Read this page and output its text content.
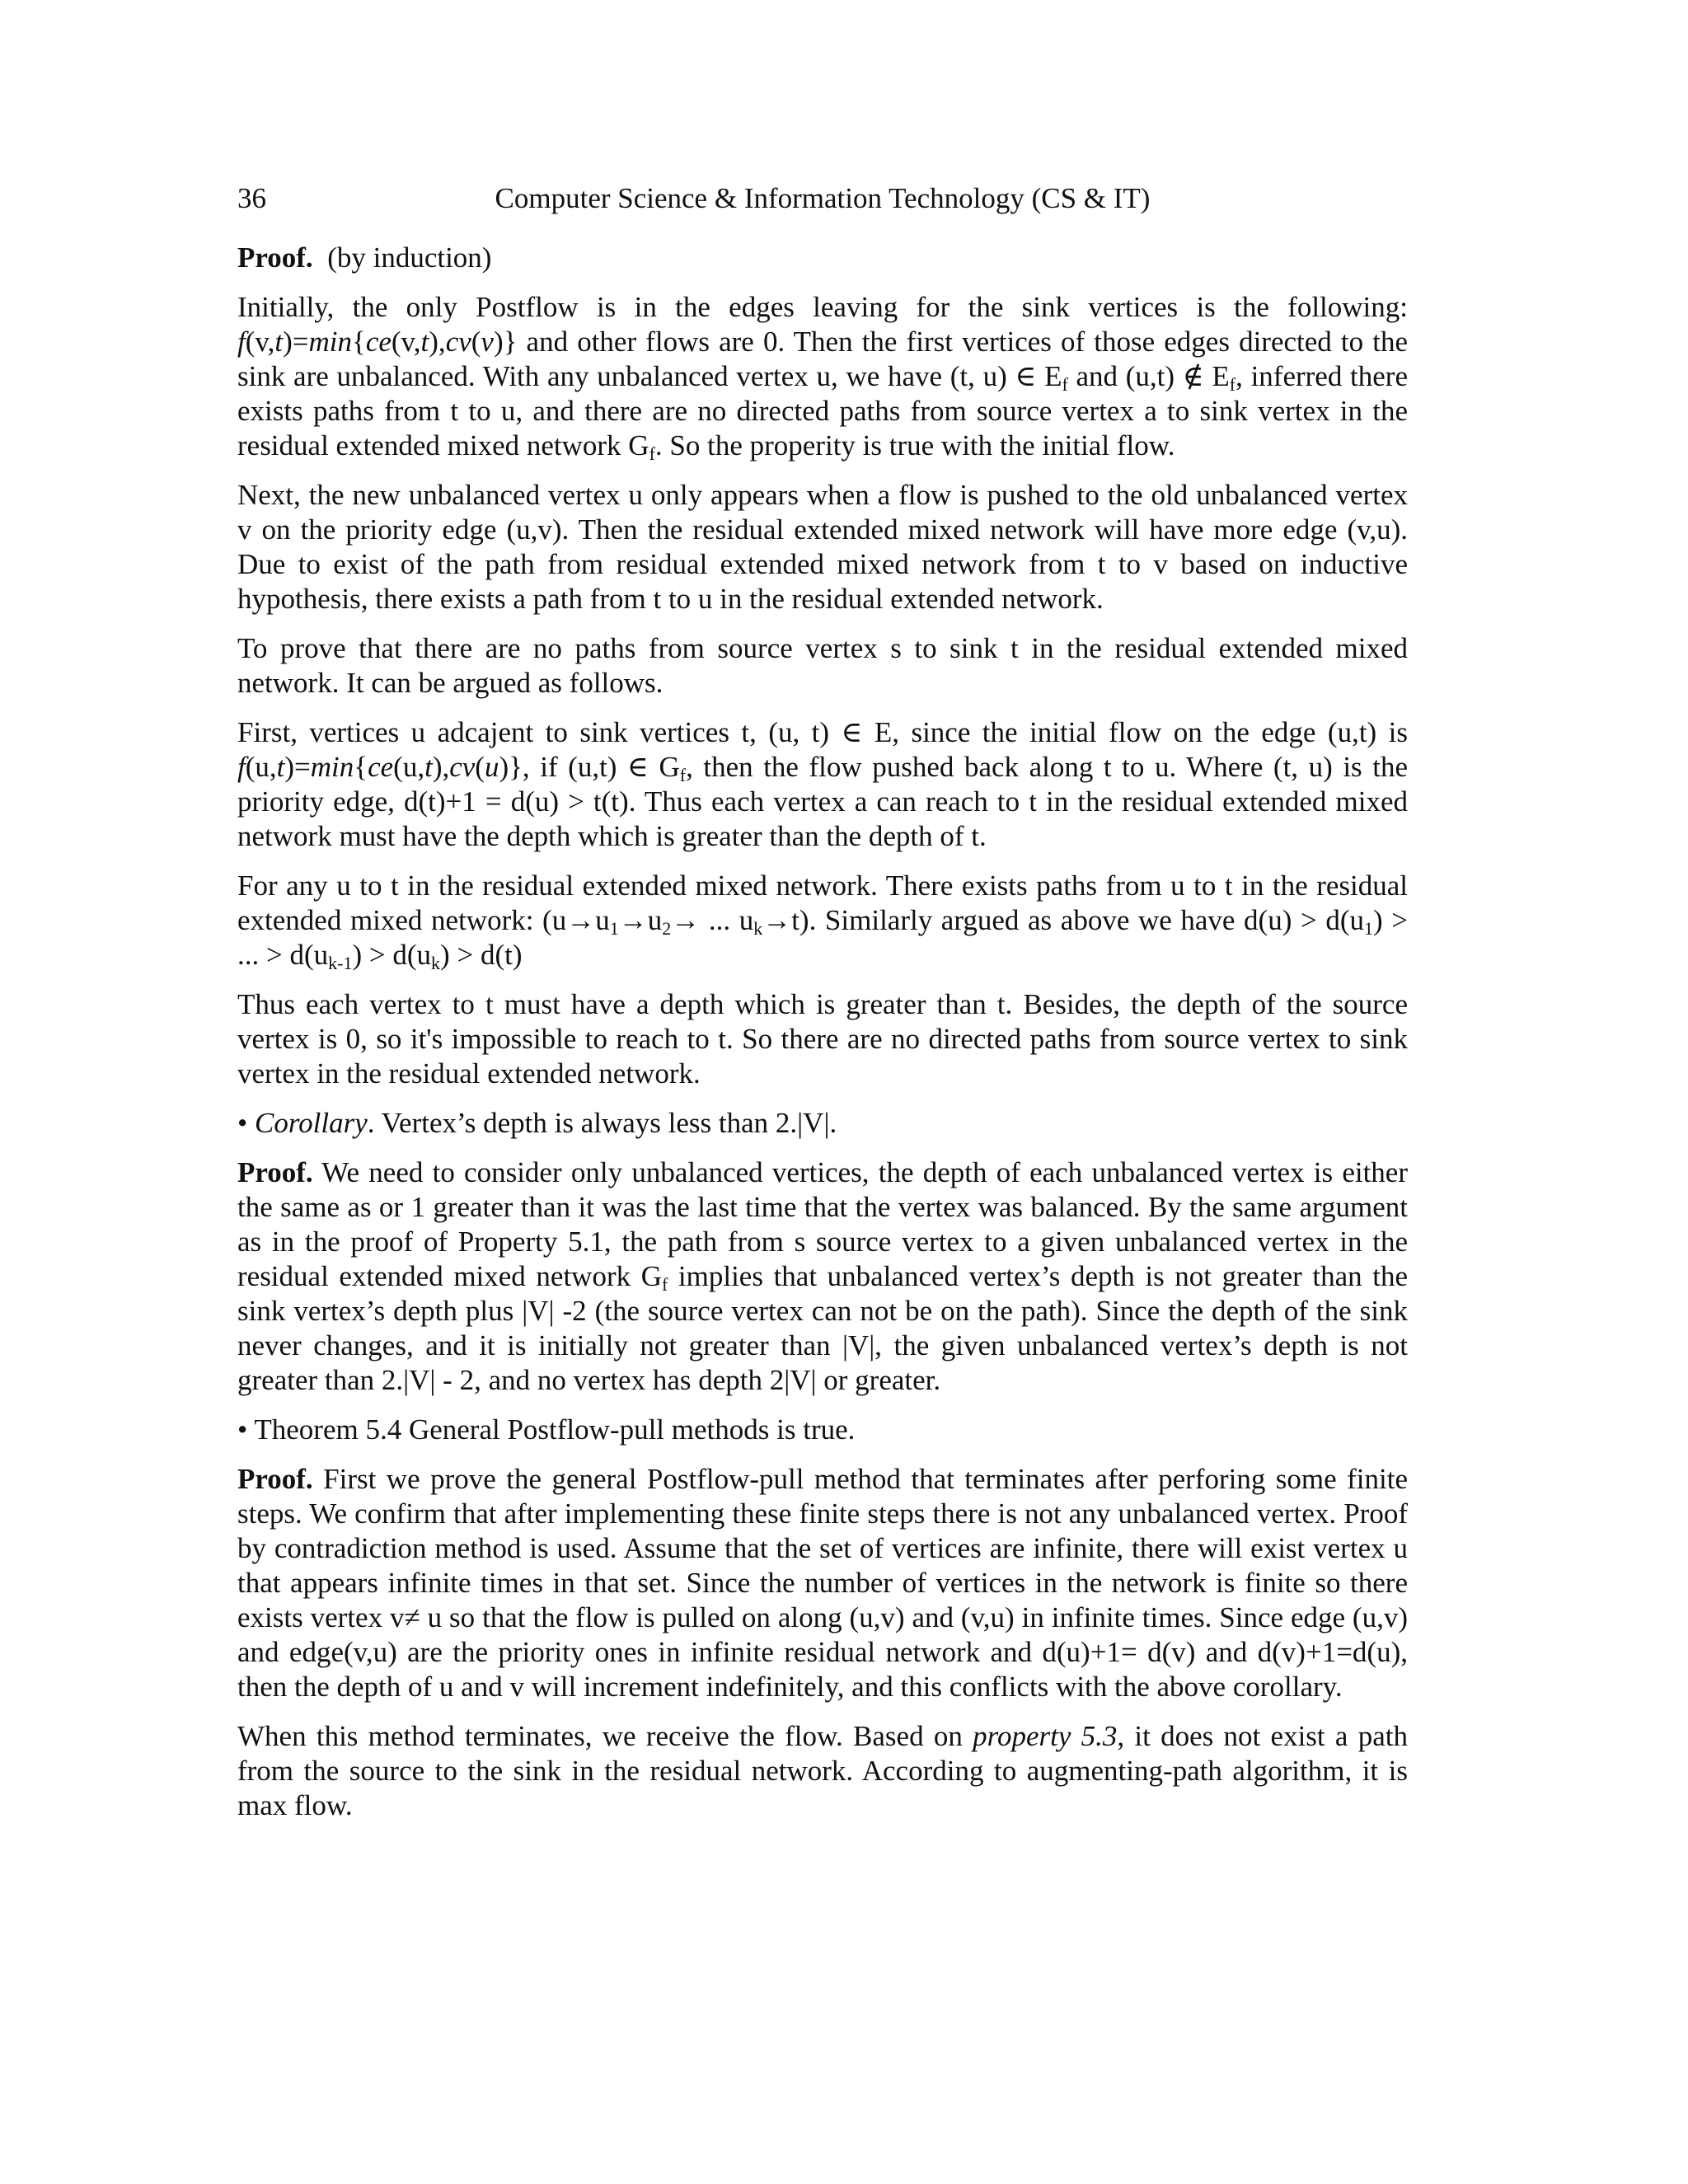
36	Computer Science & Information Technology (CS & IT)

Proof. (by induction)

Initially, the only Postflow is in the edges leaving for the sink vertices is the following: f(v,t)=min{ce(v,t),cv(v)} and other flows are 0. Then the first vertices of those edges directed to the sink are unbalanced. With any unbalanced vertex u, we have (t, u) ∈ $E_f$ and (u,t) ∉ $E_f$, inferred there exists paths from t to u, and there are no directed paths from source vertex a to sink vertex in the residual extended mixed network $G_f$. So the properity is true with the initial flow.

Next, the new unbalanced vertex u only appears when a flow is pushed to the old unbalanced vertex v on the priority edge (u,v). Then the residual extended mixed network will have more edge (v,u). Due to exist of the path from residual extended mixed network from t to v based on inductive hypothesis, there exists a path from t to u in the residual extended network.

To prove that there are no paths from source vertex s to sink t in the residual extended mixed network. It can be argued as follows.

First, vertices u adcajent to sink vertices t, (u, t) ∈ E, since the initial flow on the edge (u,t) is f(u,t)=min{ce(u,t),cv(u)}, if (u,t) ∈ $G_f$, then the flow pushed back along t to u. Where (t, u) is the priority edge, d(t)+1 = d(u) > t(t). Thus each vertex a can reach to t in the residual extended mixed network must have the depth which is greater than the depth of t.

For any u to t in the residual extended mixed network. There exists paths from u to t in the residual extended mixed network: ($u\to u_1\to u_2\to$ ... $u_k\to t$). Similarly argued as above we have $d(u) > d(u_1)$ > ... > $d(u_{k-1}) > d(u_k) > d(t)$

Thus each vertex to t must have a depth which is greater than t. Besides, the depth of the source vertex is 0, so it's impossible to reach to t. So there are no directed paths from source vertex to sink vertex in the residual extended network.

• Corollary. Vertex’s depth is always less than 2.|V|.

Proof. We need to consider only unbalanced vertices, the depth of each unbalanced vertex is either the same as or 1 greater than it was the last time that the vertex was balanced. By the same argument as in the proof of Property 5.1, the path from s source vertex to a given unbalanced vertex in the residual extended mixed network $G_f$ implies that unbalanced vertex’s depth is not greater than the sink vertex’s depth plus |V| -2 (the source vertex can not be on the path). Since the depth of the sink never changes, and it is initially not greater than |V|, the given unbalanced vertex’s depth is not greater than 2.|V| - 2, and no vertex has depth 2|V| or greater.

• Theorem 5.4 General Postflow-pull methods is true.

Proof. First we prove the general Postflow-pull method that terminates after perforing some finite steps. We confirm that after implementing these finite steps there is not any unbalanced vertex. Proof by contradiction method is used. Assume that the set of vertices are infinite, there will exist vertex u that appears infinite times in that set. Since the number of vertices in the network is finite so there exists vertex v≠ u so that the flow is pulled on along (u,v) and (v,u) in infinite times. Since edge (u,v) and edge(v,u) are the priority ones in infinite residual network and d(u)+1= d(v) and d(v)+1=d(u), then the depth of u and v will increment indefinitely, and this conflicts with the above corollary.

When this method terminates, we receive the flow. Based on property 5.3, it does not exist a path from the source to the sink in the residual network. According to augmenting-path algorithm, it is max flow.
